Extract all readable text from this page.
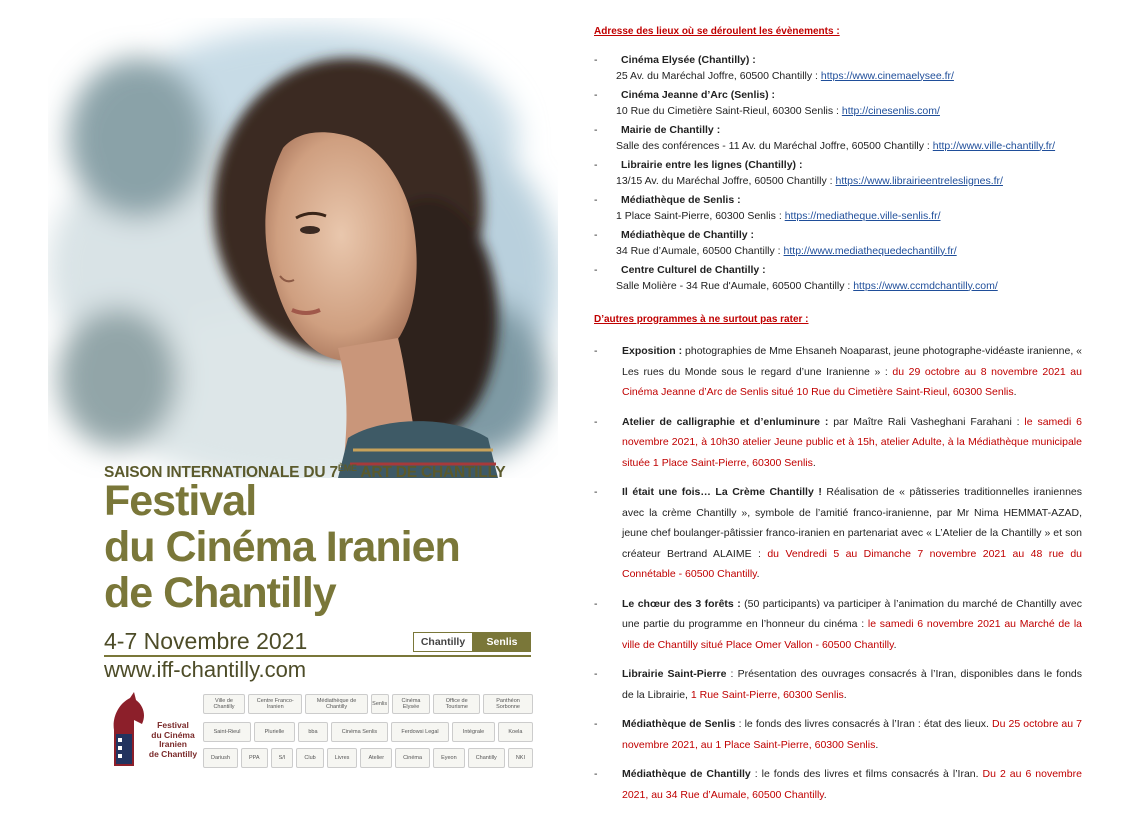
SAISON INTERNATIONALE DU 7ÈME ART DE CHANTILLY
Festival
du Cinéma Iranien
de Chantilly
4-7 Novembre 2021	Chantilly	Senlis
www.iff-chantilly.com
Festival
du Cinéma
Iranien
de Chantilly
Ville de Chantilly
Centre Franco-Iranien
Médiathèque de Chantilly	Senlis	Cinéma Elysée
Office de Tourisme
Panthéon Sorbonne
Saint-Rieul	Plurielle	bba	Cinéma Senlis	Ferdowsi Legal	Intégrale	Koela
Dariush	PPA	S/I	Club	Livres	Atelier	Cinéma	Eyeon	Chantilly	NKI
Adresse des lieux où se déroulent les évènements :
- Cinéma Elysée (Chantilly) :
25 Av. du Maréchal Joffre, 60500 Chantilly : https://www.cinemaelysee.fr/
- Cinéma Jeanne d’Arc (Senlis) :
10 Rue du Cimetière Saint-Rieul, 60300 Senlis : http://cinesenlis.com/
- Mairie de Chantilly :
Salle des conférences - 11 Av. du Maréchal Joffre, 60500 Chantilly : http://www.ville-chantilly.fr/
- Librairie entre les lignes (Chantilly) :
13/15 Av. du Maréchal Joffre, 60500 Chantilly : https://www.librairieentreleslignes.fr/
- Médiathèque de Senlis :
1 Place Saint-Pierre, 60300 Senlis : https://mediatheque.ville-senlis.fr/
- Médiathèque de Chantilly :
34 Rue d’Aumale, 60500 Chantilly : http://www.mediathequedechantilly.fr/
- Centre Culturel de Chantilly :
Salle Molière - 34 Rue d'Aumale, 60500 Chantilly : https://www.ccmdchantilly.com/
D’autres programmes à ne surtout pas rater :
- Exposition : photographies de Mme Ehsaneh Noaparast, jeune photographe-vidéaste iranienne, « Les rues du Monde sous le regard d’une Iranienne » : du 29 octobre au 8 novembre 2021 au Cinéma Jeanne d’Arc de Senlis situé 10 Rue du Cimetière Saint-Rieul, 60300 Senlis.
- Atelier de calligraphie et d’enluminure : par Maître Rali Vasheghani Farahani : le samedi 6 novembre 2021, à 10h30 atelier Jeune public et à 15h, atelier Adulte, à la Médiathèque municipale située 1 Place Saint-Pierre, 60300 Senlis.
- Il était une fois… La Crème Chantilly ! Réalisation de « pâtisseries traditionnelles iraniennes avec la crème Chantilly », symbole de l’amitié franco-iranienne, par Mr Nima HEMMAT-AZAD, jeune chef boulanger-pâtissier franco-iranien en partenariat avec « L’Atelier de la Chantilly » et son créateur Bertrand ALAIME : du Vendredi 5 au Dimanche 7 novembre 2021 au 48 rue du Connétable - 60500 Chantilly.
- Le chœur des 3 forêts : (50 participants) va participer à l’animation du marché de Chantilly avec une partie du programme en l’honneur du cinéma : le samedi 6 novembre 2021 au Marché de la ville de Chantilly situé Place Omer Vallon - 60500 Chantilly.
- Librairie Saint-Pierre : Présentation des ouvrages consacrés à l’Iran, disponibles dans le fonds de la Librairie, 1 Rue Saint-Pierre, 60300 Senlis.
- Médiathèque de Senlis : le fonds des livres consacrés à l’Iran : état des lieux. Du 25 octobre au 7 novembre 2021, au 1 Place Saint-Pierre, 60300 Senlis.
- Médiathèque de Chantilly : le fonds des livres et films consacrés à l’Iran. Du 2 au 6 novembre 2021, au 34 Rue d’Aumale, 60500 Chantilly.
